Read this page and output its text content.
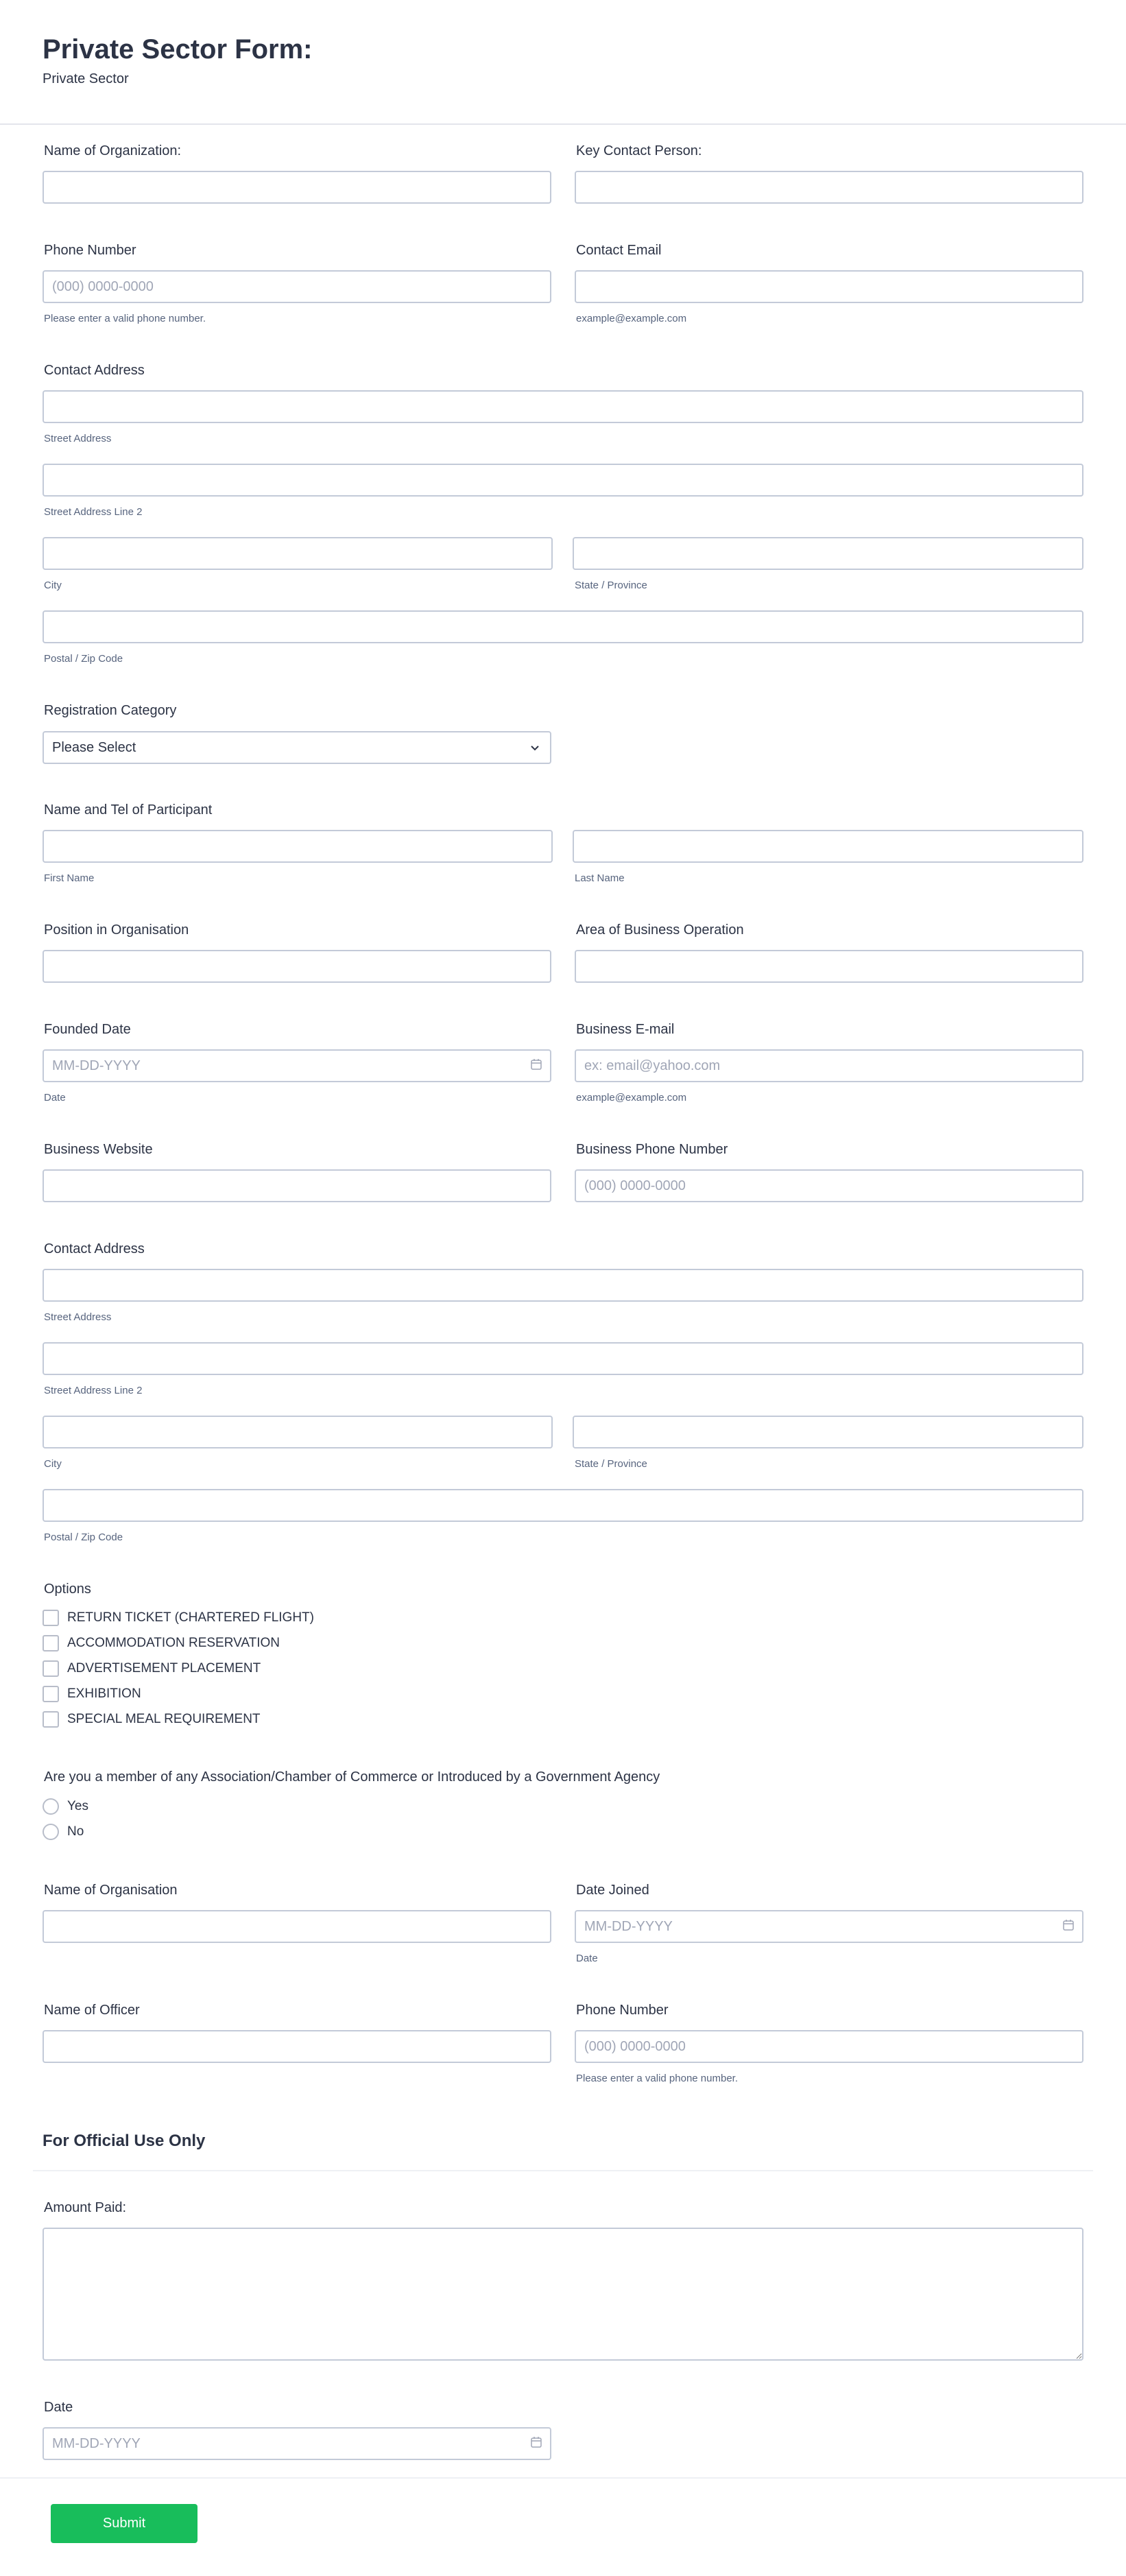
Private Sector Form:
Private Sector
Name of Organization:	Key Contact Person:
Phone Number
(000) 0000-0000
Please enter a valid phone number.
Contact Email
example@example.com
Contact Address
Street Address
Street Address Line 2
City	State / Province
Postal / Zip Code
Registration Category
Please Select
Name and Tel of Participant
First Name	Last Name
Position in Organisation	Area of Business Operation
Founded Date
MM-DD-YYYY
Date
Business E-mail
ex: email@yahoo.com
example@example.com
Business Website	Business Phone Number
(000) 0000-0000
Contact Address
Street Address
Street Address Line 2
City	State / Province
Postal / Zip Code
Options
RETURN TICKET (CHARTERED FLIGHT)
ACCOMMODATION RESERVATION
ADVERTISEMENT PLACEMENT
EXHIBITION
SPECIAL MEAL REQUIREMENT
Are you a member of any Association/Chamber of Commerce or Introduced by a Government Agency
Yes
No
Name of Organisation	Date Joined
MM-DD-YYYY
Date
Name of Officer	Phone Number
(000) 0000-0000
Please enter a valid phone number.
For Official Use Only
Amount Paid:
Date
MM-DD-YYYY
Submit
